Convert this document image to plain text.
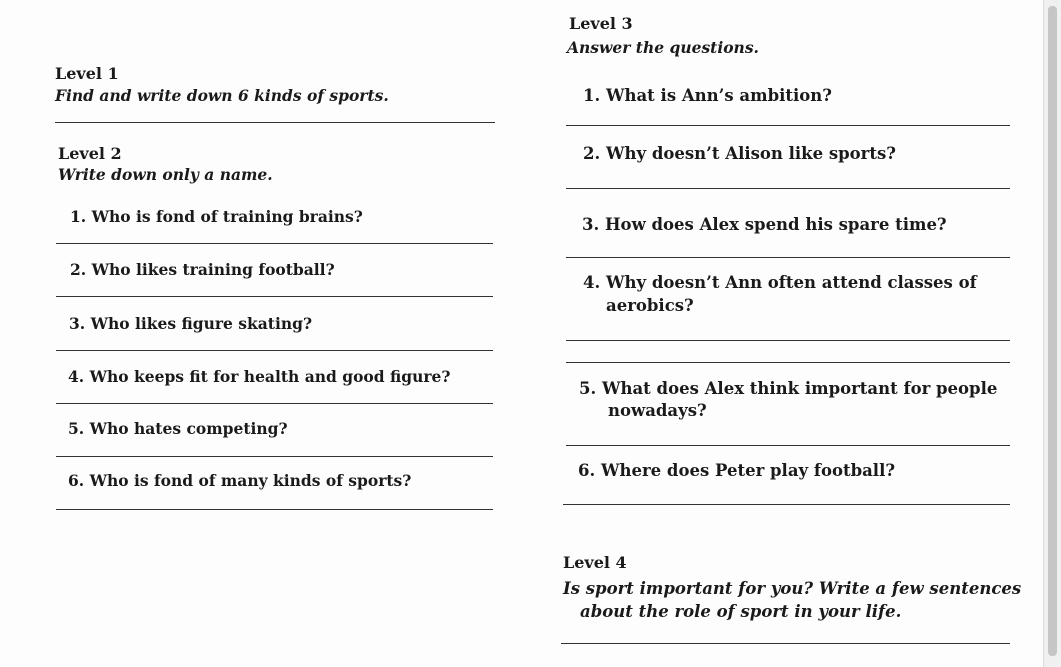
Level 1
Find and write down 6 kinds of sports.
Level 2
Write down only a name.
1. Who is fond of training brains?
2. Who likes training football?
3. Who likes figure skating?
4. Who keeps fit for health and good figure?
5. Who hates competing?
6. Who is fond of many kinds of sports?
Level 3
Answer the questions.
1. What is Ann’s ambition?
2. Why doesn’t Alison like sports?
3. How does Alex spend his spare time?
4. Why doesn’t Ann often attend classes of
aerobics?
5. What does Alex think important for people
nowadays?
6. Where does Peter play football?
Level 4
Is sport important for you? Write a few sentences
about the role of sport in your life.
